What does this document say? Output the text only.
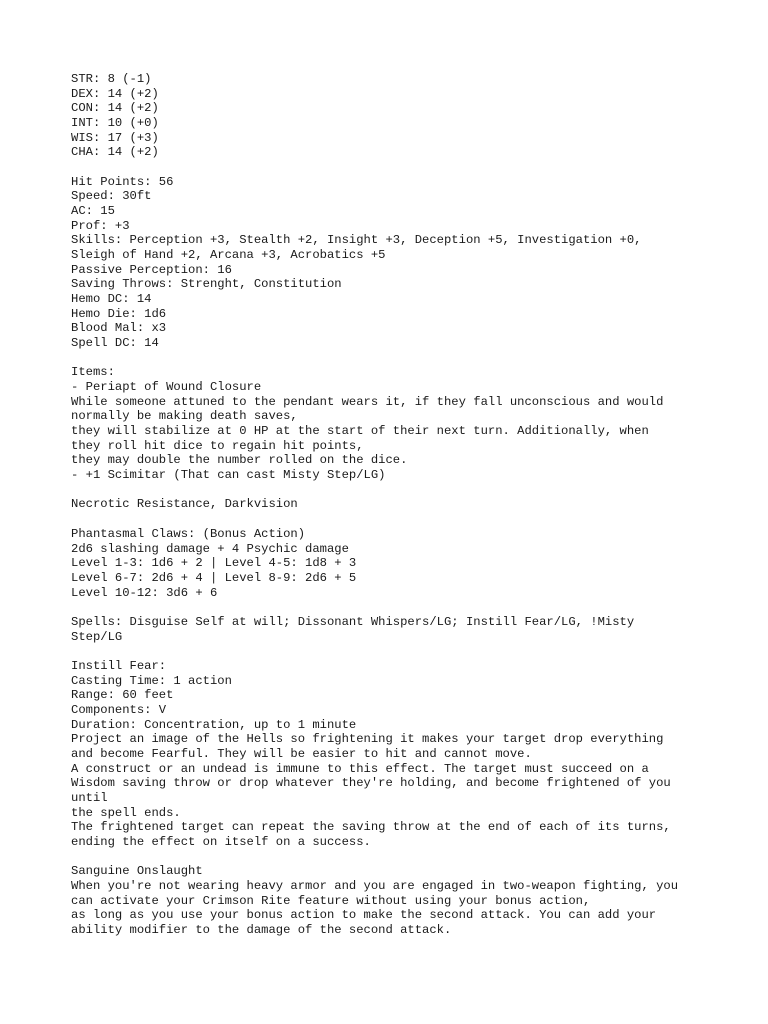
STR: 8 (-1)
DEX: 14 (+2)
CON: 14 (+2)
INT: 10 (+0)
WIS: 17 (+3)
CHA: 14 (+2)
Hit Points: 56
Speed: 30ft
AC: 15
Prof: +3
Skills: Perception +3, Stealth +2, Insight +3, Deception +5, Investigation +0,
Sleigh of Hand +2, Arcana +3, Acrobatics +5
Passive Perception: 16
Saving Throws: Strenght, Constitution
Hemo DC: 14
Hemo Die: 1d6
Blood Mal: x3
Spell DC: 14
Items:
- Periapt of Wound Closure
While someone attuned to the pendant wears it, if they fall unconscious and would
normally be making death saves,
they will stabilize at 0 HP at the start of their next turn. Additionally, when
they roll hit dice to regain hit points,
they may double the number rolled on the dice.
- +1 Scimitar (That can cast Misty Step/LG)
Necrotic Resistance, Darkvision
Phantasmal Claws: (Bonus Action)
2d6 slashing damage + 4 Psychic damage
Level 1-3: 1d6 + 2 | Level 4-5: 1d8 + 3
Level 6-7: 2d6 + 4 | Level 8-9: 2d6 + 5
Level 10-12: 3d6 + 6
Spells: Disguise Self at will; Dissonant Whispers/LG; Instill Fear/LG, !Misty
Step/LG
Instill Fear:
Casting Time: 1 action
Range: 60 feet
Components: V
Duration: Concentration, up to 1 minute
Project an image of the Hells so frightening it makes your target drop everything
and become Fearful. They will be easier to hit and cannot move.
A construct or an undead is immune to this effect. The target must succeed on a
Wisdom saving throw or drop whatever they're holding, and become frightened of you
until
the spell ends.
The frightened target can repeat the saving throw at the end of each of its turns,
ending the effect on itself on a success.
Sanguine Onslaught
When you're not wearing heavy armor and you are engaged in two-weapon fighting, you
can activate your Crimson Rite feature without using your bonus action,
as long as you use your bonus action to make the second attack. You can add your
ability modifier to the damage of the second attack.
